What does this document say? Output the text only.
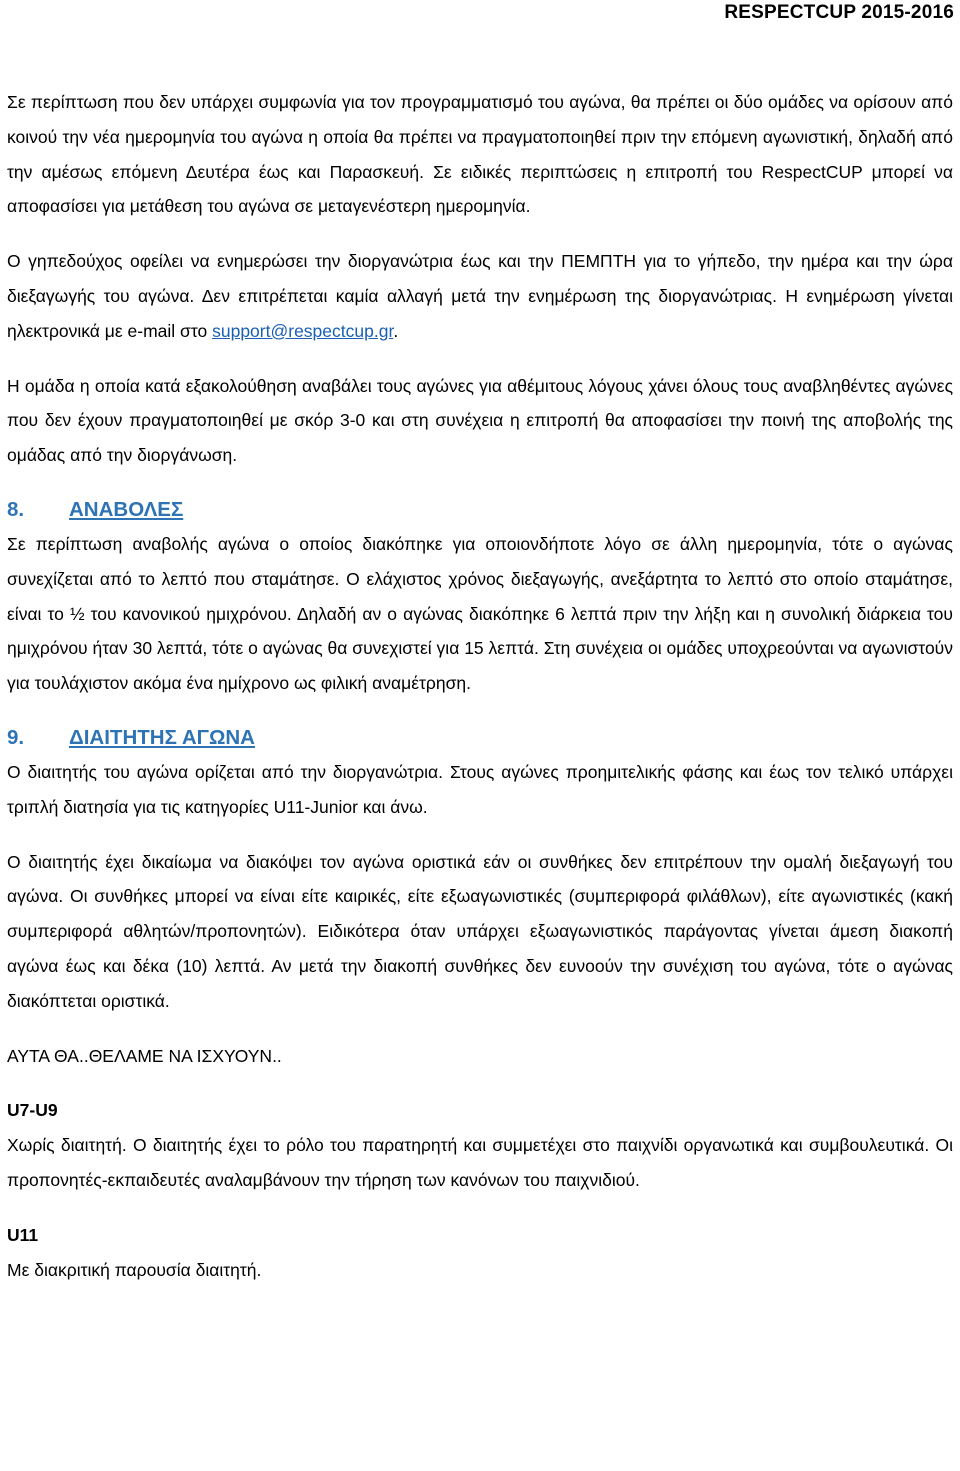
RESPECTCUP 2015-2016

Σε περίπτωση που δεν υπάρχει συμφωνία για τον προγραμματισμό του αγώνα, θα πρέπει οι δύο ομάδες να ορίσουν από κοινού την νέα ημερομηνία του αγώνα η οποία θα πρέπει να πραγματοποιηθεί πριν την επόμενη αγωνιστική, δηλαδή από την αμέσως επόμενη Δευτέρα έως και Παρασκευή. Σε ειδικές περιπτώσεις η επιτροπή του RespectCUP μπορεί να αποφασίσει για μετάθεση του αγώνα σε μεταγενέστερη ημερομηνία.

Ο γηπεδούχος οφείλει να ενημερώσει την διοργανώτρια έως και την ΠΕΜΠΤΗ για το γήπεδο, την ημέρα και την ώρα διεξαγωγής του αγώνα. Δεν επιτρέπεται καμία αλλαγή μετά την ενημέρωση της διοργανώτριας. Η ενημέρωση γίνεται ηλεκτρονικά με e-mail στο support@respectcup.gr.

Η ομάδα η οποία κατά εξακολούθηση αναβάλει τους αγώνες για αθέμιτους λόγους χάνει όλους τους αναβληθέντες αγώνες που δεν έχουν πραγματοποιηθεί με σκόρ 3-0 και στη συνέχεια η επιτροπή θα αποφασίσει την ποινή της αποβολής της ομάδας από την διοργάνωση.

8. ΑΝΑΒΟΛΕΣ

Σε περίπτωση αναβολής αγώνα ο οποίος διακόπηκε για οποιονδήποτε λόγο σε άλλη ημερομηνία, τότε ο αγώνας συνεχίζεται από το λεπτό που σταμάτησε. Ο ελάχιστος χρόνος διεξαγωγής, ανεξάρτητα το λεπτό στο οποίο σταμάτησε, είναι το ½ του κανονικού ημιχρόνου. Δηλαδή αν ο αγώνας διακόπηκε 6 λεπτά πριν την λήξη και η συνολική διάρκεια του ημιχρόνου ήταν 30 λεπτά, τότε ο αγώνας θα συνεχιστεί για 15 λεπτά. Στη συνέχεια οι ομάδες υποχρεούνται να αγωνιστούν για τουλάχιστον ακόμα ένα ημίχρονο ως φιλική αναμέτρηση.

9. ΔΙΑΙΤΗΤΗΣ ΑΓΩΝΑ

Ο διαιτητής του αγώνα ορίζεται από την διοργανώτρια. Στους αγώνες προημιτελικής φάσης και έως τον τελικό υπάρχει τριπλή διατησία για τις κατηγορίες U11-Junior και άνω.

Ο διαιτητής έχει δικαίωμα να διακόψει τον αγώνα οριστικά εάν οι συνθήκες δεν επιτρέπουν την ομαλή διεξαγωγή του αγώνα. Οι συνθήκες μπορεί να είναι είτε καιρικές, είτε εξωαγωνιστικές (συμπεριφορά φιλάθλων), είτε αγωνιστικές (κακή συμπεριφορά αθλητών/προπονητών). Ειδικότερα όταν υπάρχει εξωαγωνιστικός παράγοντας γίνεται άμεση διακοπή αγώνα έως και δέκα (10) λεπτά. Αν μετά την διακοπή συνθήκες δεν ευνοούν την συνέχιση του αγώνα, τότε ο αγώνας διακόπτεται οριστικά.

ΑΥΤΑ ΘΑ..ΘΕΛΑΜΕ ΝΑ ΙΣΧΥΟΥΝ..

U7-U9

Χωρίς διαιτητή. Ο διαιτητής έχει το ρόλο του παρατηρητή και συμμετέχει στο παιχνίδι οργανωτικά και συμβουλευτικά. Οι προπονητές-εκπαιδευτές αναλαμβάνουν την τήρηση των κανόνων του παιχνιδιού.

U11

Με διακριτική παρουσία διαιτητή.
